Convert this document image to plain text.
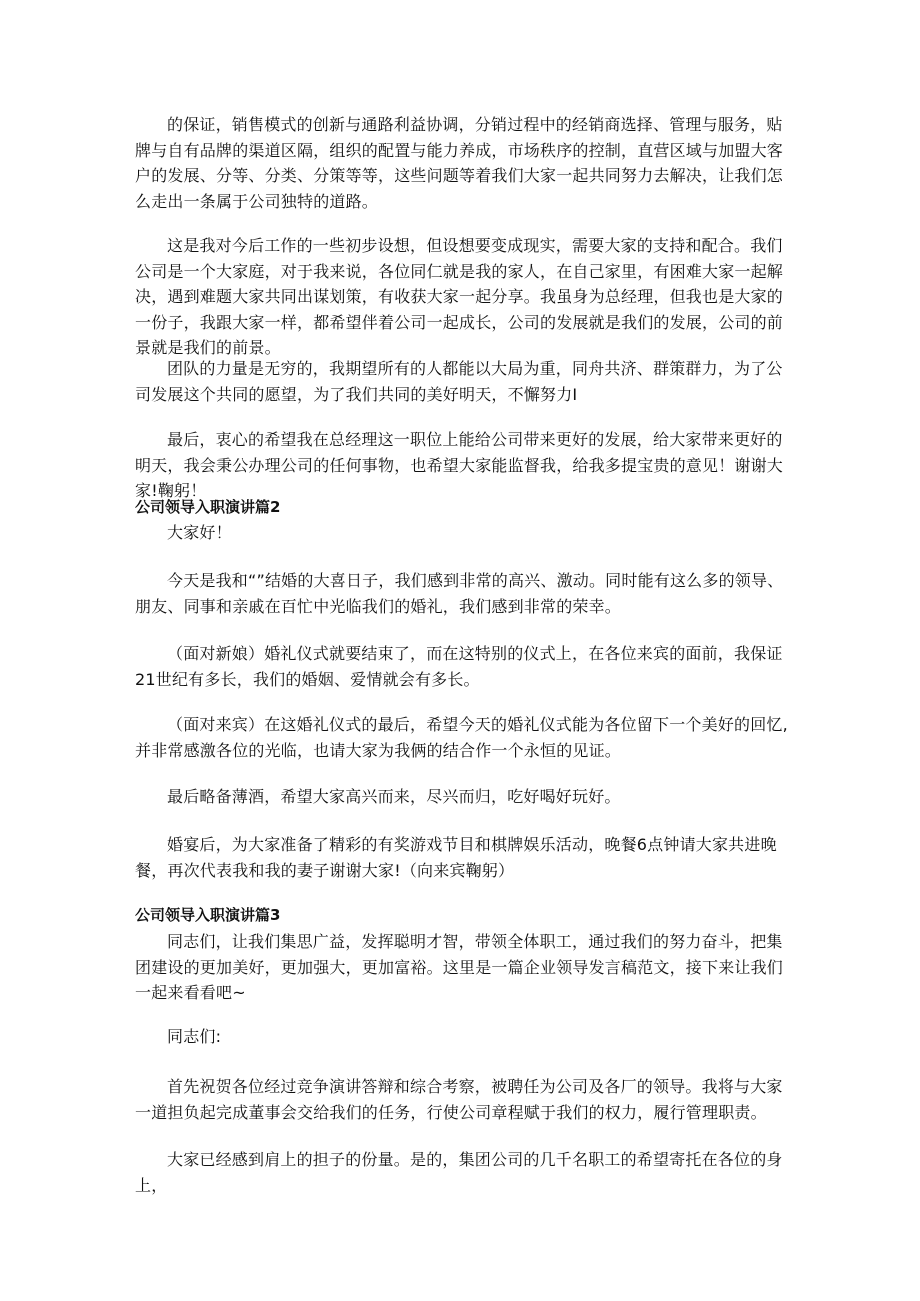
的保证，销售模式的创新与通路利益协调，分销过程中的经销商选择、管理与服务，贴牌与自有品牌的渠道区隔，组织的配置与能力养成，市场秩序的控制，直营区域与加盟大客户的发展、分等、分类、分策等等，这些问题等着我们大家一起共同努力去解决，让我们怎么走出一条属于公司独特的道路。

这是我对今后工作的一些初步设想，但设想要变成现实，需要大家的支持和配合。我们公司是一个大家庭，对于我来说，各位同仁就是我的家人，在自己家里，有困难大家一起解决，遇到难题大家共同出谋划策，有收获大家一起分享。我虽身为总经理，但我也是大家的一份子，我跟大家一样，都希望伴着公司一起成长，公司的发展就是我们的发展，公司的前景就是我们的前景。

团队的力量是无穷的，我期望所有的人都能以大局为重，同舟共济、群策群力，为了公司发展这个共同的愿望，为了我们共同的美好明天，不懈努力I

最后，衷心的希望我在总经理这一职位上能给公司带来更好的发展，给大家带来更好的明天，我会秉公办理公司的任何事物，也希望大家能监督我，给我多提宝贵的意见！谢谢大家!鞠躬！

公司领导入职演讲篇2

大家好！

今天是我和“”结婚的大喜日子，我们感到非常的高兴、激动。同时能有这么多的领导、朋友、同事和亲戚在百忙中光临我们的婚礼，我们感到非常的荣幸。

（面对新娘）婚礼仪式就要结束了，而在这特别的仪式上，在各位来宾的面前，我保证21世纪有多长，我们的婚姻、爱情就会有多长。

（面对来宾）在这婚礼仪式的最后，希望今天的婚礼仪式能为各位留下一个美好的回忆,并非常感激各位的光临，也请大家为我俩的结合作一个永恒的见证。

最后略备薄酒，希望大家高兴而来，尽兴而归，吃好喝好玩好。

婚宴后，为大家准备了精彩的有奖游戏节目和棋牌娱乐活动，晚餐6点钟请大家共进晚餐，再次代表我和我的妻子谢谢大家!（向来宾鞠躬）

公司领导入职演讲篇3

同志们，让我们集思广益，发挥聪明才智，带领全体职工，通过我们的努力奋斗，把集团建设的更加美好，更加强大，更加富裕。这里是一篇企业领导发言稿范文，接下来让我们一起来看看吧~

同志们:

首先祝贺各位经过竞争演讲答辩和综合考察，被聘任为公司及各厂的领导。我将与大家一道担负起完成董事会交给我们的任务，行使公司章程赋于我们的权力，履行管理职责。

大家已经感到肩上的担子的份量。是的，集团公司的几千名职工的希望寄托在各位的身上，
